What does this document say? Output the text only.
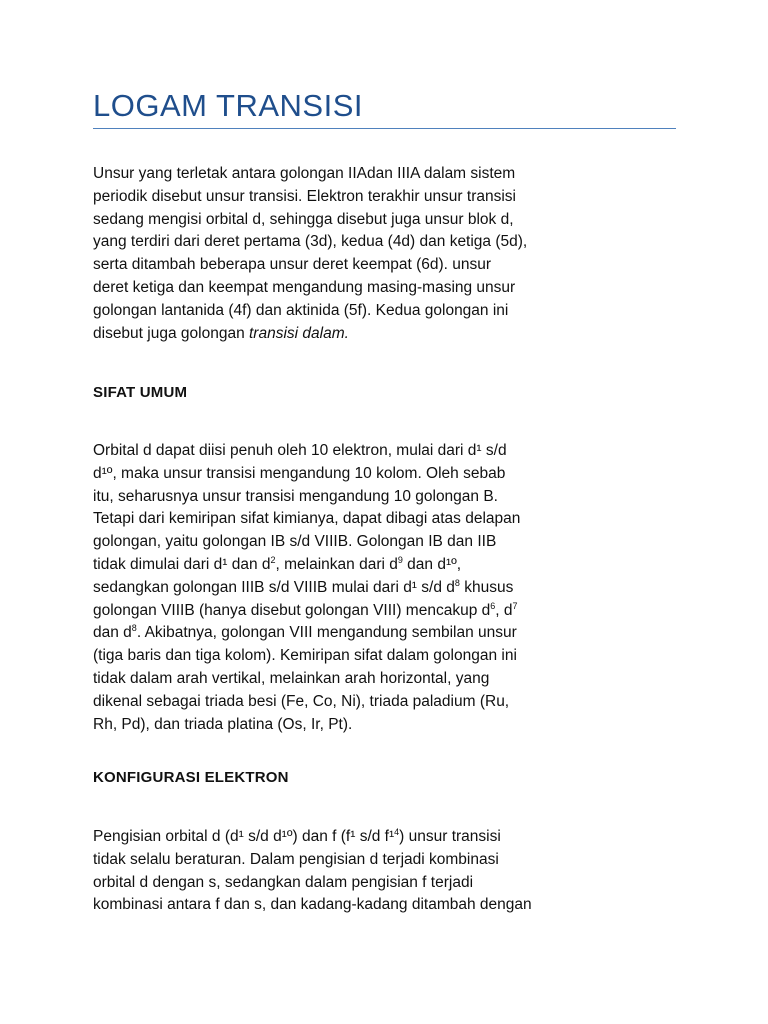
LOGAM TRANSISI

Unsur yang terletak antara golongan IIAdan IIIA dalam sistem
periodik disebut unsur transisi. Elektron terakhir unsur transisi
sedang mengisi orbital d, sehingga disebut juga unsur blok d,
yang terdiri dari deret pertama (3d), kedua (4d) dan ketiga (5d),
serta ditambah beberapa unsur deret keempat (6d). unsur
deret ketiga dan keempat mengandung masing-masing unsur
golongan lantanida (4f) dan aktinida (5f). Kedua golongan ini
disebut juga golongan transisi dalam.

SIFAT UMUM

Orbital d dapat diisi penuh oleh 10 elektron, mulai dari d¹ s/d
d¹º, maka unsur transisi mengandung 10 kolom. Oleh sebab
itu, seharusnya unsur transisi mengandung 10 golongan B.
Tetapi dari kemiripan sifat kimianya, dapat dibagi atas delapan
golongan, yaitu golongan IB s/d VIIIB. Golongan IB dan IIB
tidak dimulai dari d¹ dan $d^2$, melainkan dari $d^9$ dan d¹º,
sedangkan golongan IIIB s/d VIIIB mulai dari d¹ s/d $d^8$ khusus
golongan VIIIB (hanya disebut golongan VIII) mencakup $d^6$, $d^7$
dan $d^8$. Akibatnya, golongan VIII mengandung sembilan unsur
(tiga baris dan tiga kolom). Kemiripan sifat dalam golongan ini
tidak dalam arah vertikal, melainkan arah horizontal, yang
dikenal sebagai triada besi (Fe, Co, Ni), triada paladium (Ru,
Rh, Pd), dan triada platina (Os, Ir, Pt).

KONFIGURASI ELEKTRON

Pengisian orbital d (d¹ s/d d¹º) dan f (f¹ s/d f¹$^4$) unsur transisi
tidak selalu beraturan. Dalam pengisian d terjadi kombinasi
orbital d dengan s, sedangkan dalam pengisian f terjadi
kombinasi antara f dan s, dan kadang-kadang ditambah dengan
